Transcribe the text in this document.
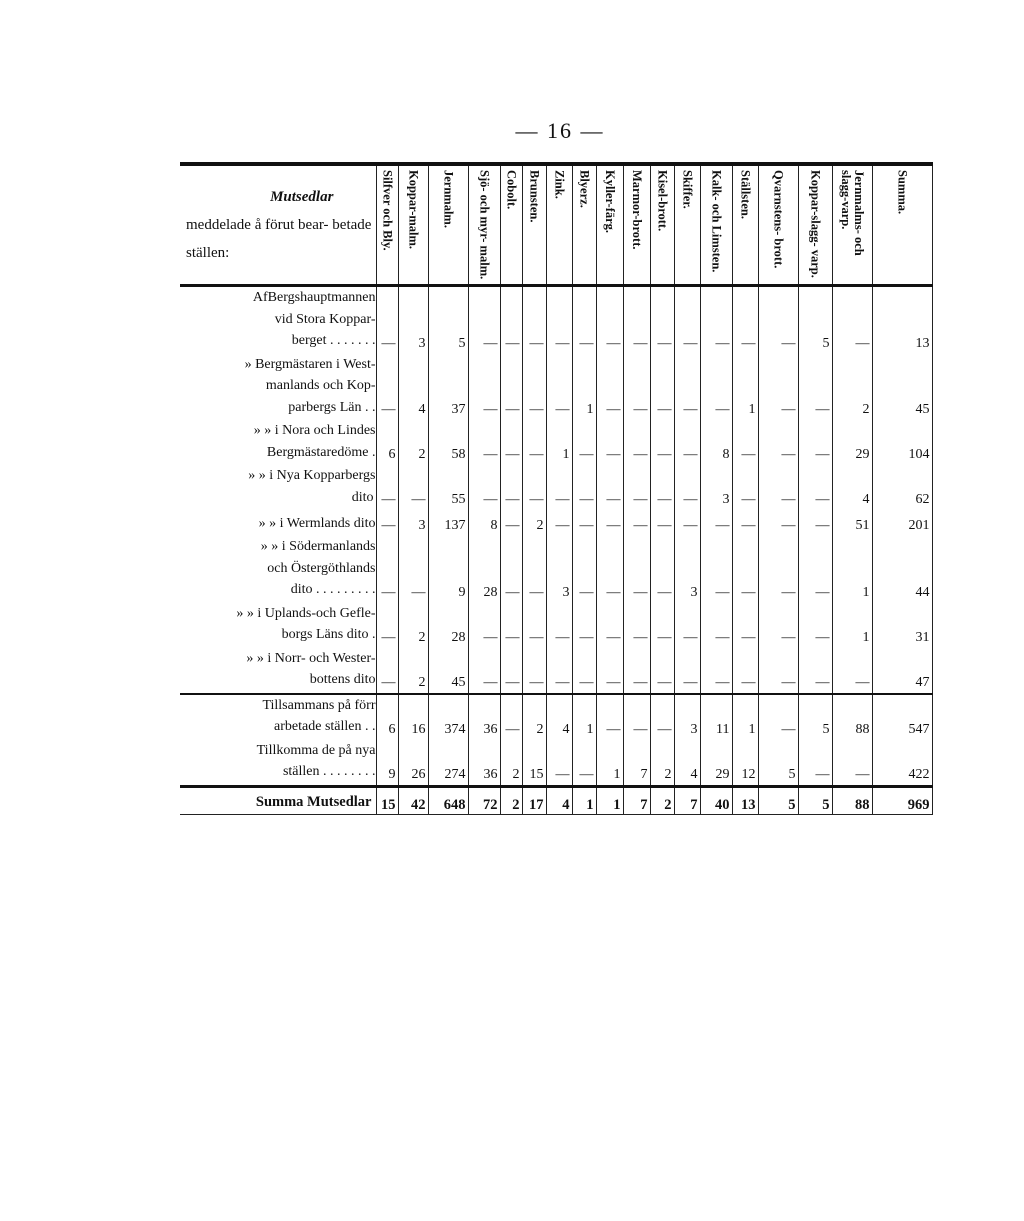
— 16 —
Mutsedlar
meddelade å förut bear- betade ställen:	Silfver och Bly.	Koppar-malm.	Jernmalm.	Sjö- och myr- malm.	Cobolt.	Brunsten.	Zink.	Blyerz.	Kyller-färg.	Marmor-brott.	Kisel-brott.	Skiffer.	Kalk- och Limsten.	Ställsten.	Qvarnstens- brott.	Koppar-slagg- varp.	Jernmalms- och slagg-varp.	Summa.

AfBergshauptmannen
vid Stora Koppar-
berget . . . . . . .	—	3	5	—	—	—	—	—	—	—	—	—	—	—	—	5	—	13

» Bergmästaren i West-
manlands och Kop-
parbergs Län . .	—	4	37	—	—	—	—	1	—	—	—	—	—	1	—	—	2	45

» » i Nora och Lindes
Bergmästaredöme .	6	2	58	—	—	—	1	—	—	—	—	—	8	—	—	—	29	104

» » i Nya Kopparbergs
dito	—	—	55	—	—	—	—	—	—	—	—	—	3	—	—	—	4	62
» » i Wermlands dito	—	3	137	8	—	2	—	—	—	—	—	—	—	—	—	—	51	201

» » i Södermanlands
och Östergöthlands
dito . . . . . . . . .	—	—	9	28	—	—	3	—	—	—	—	3	—	—	—	—	1	44

» » i Uplands-och Gefle-
borgs Läns dito .	—	2	28	—	—	—	—	—	—	—	—	—	—	—	—	—	1	31

» » i Norr- och Wester-
bottens dito	—	2	45	—	—	—	—	—	—	—	—	—	—	—	—	—	—	47

Tillsammans på förr
arbetade ställen . .	6	16	374	36	—	2	4	1	—	—	—	3	11	1	—	5	88	547

Tillkomma de på nya
ställen . . . . . . . .	9	26	274	36	2	15	—	—	1	7	2	4	29	12	5	—	—	422
Summa Mutsedlar	15	42	648	72	2	17	4	1	1	7	2	7	40	13	5	5	88	969
